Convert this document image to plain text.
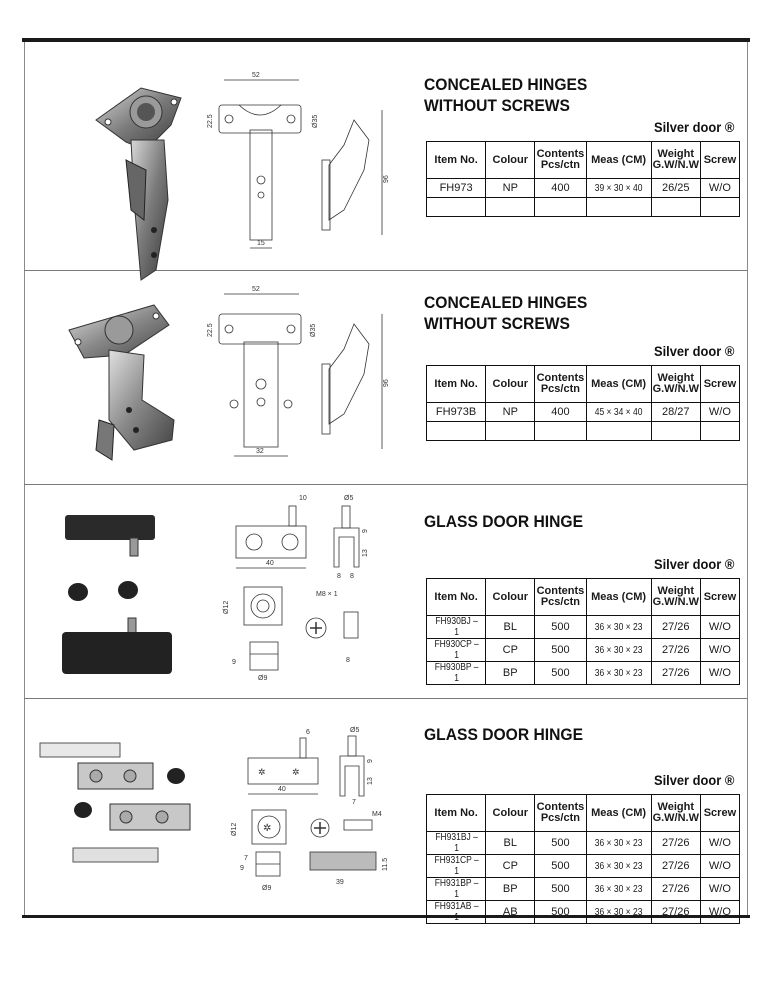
52
22.5	Ø35
15
96
CONCEALED HINGES
WITHOUT SCREWS
Silver door ®
Item No.	Colour	Contents Pcs/ctn	Meas (CM)	Weight G.W/N.W	Screw
FH973	NP	400	39 × 30 × 40	26/25	W/O

52
22.5	Ø35
32
96
CONCEALED HINGES
WITHOUT SCREWS
Silver door ®
Item No.	Colour	Contents Pcs/ctn	Meas (CM)	Weight G.W/N.W	Screw
FH973B	NP	400	45 × 34 × 40	28/27	W/O

10
40
Ø5
9
13
8 8
Ø12
M8 × 1
8
9
Ø9
GLASS DOOR HINGE
Silver door ®
Item No.	Colour	Contents Pcs/ctn	Meas (CM)	Weight G.W/N.W	Screw
FH930BJ – 1	BL	500	36 × 30 × 23	27/26	W/O
FH930CP – 1	CP	500	36 × 30 × 23	27/26	W/O
FH930BP – 1	BP	500	36 × 30 × 23	27/26	W/O
6
✲	✲
40
Ø5
9
13
7
✲
Ø12
M4
9
7
Ø9
39
11.5
GLASS DOOR HINGE
Silver door ®
Item No.	Colour	Contents Pcs/ctn	Meas (CM)	Weight G.W/N.W	Screw
FH931BJ – 1	BL	500	36 × 30 × 23	27/26	W/O
FH931CP – 1	CP	500	36 × 30 × 23	27/26	W/O
FH931BP – 1	BP	500	36 × 30 × 23	27/26	W/O
FH931AB – 1	AB	500	36 × 30 × 23	27/26	W/O
